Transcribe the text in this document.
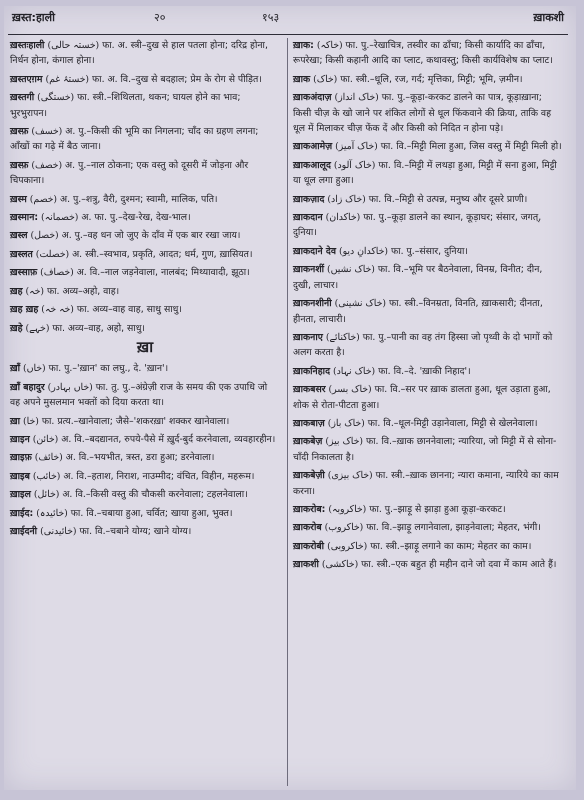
ख़स्त:हाली	२०	१५३	ख़ाकशी
ख़स्तःहाली (خستہ حالی) फा. अ. स्त्री–दुख से हाल पतला होना; दरिद्र होना, निर्धन होना, कंगाल होना।
ख़स्तएग़म (خستۂ غم) फा. अ. वि.–दुख से बदहाल; प्रेम के रोग से पीड़ित।
ख़स्तगी (خستگی) फा. स्त्री.–शिथिलता, थकन; घायल होने का भाव; भुरभुरापन।
ख़स्फ़ (خسف) अ. पु.–किसी की भूमि का निगलना; चाँद का ग्रहण लगना; आँखों का गढ़े में बैठ जाना।
ख़स्फ़ (خصف) अ. पु.–नाल ठोकना; एक वस्तु को दूसरी में जोड़ना और चिपकाना।
ख़स्म (خصم) अ. पु.–शत्रु, वैरी, दुश्मन; स्वामी, मालिक, पति।
ख़स्मान: (خصمانہ) अ. फा. पु.–देख-रेख, देख-भाल।
ख़स्ल (خصل) अ. पु.–वह धन जो जुए के दाँव में एक बार रखा जाय।
ख़स्लत (خصلت) अ. स्त्री.–स्वभाव, प्रकृति, आदत; धर्म, गुण, ख़ासियत।
ख़स्साफ़ (خصاف) अ. वि.–नाल जड़नेवाला, नालबंद; मिथ्यावादी, झूठा।
ख़ह (خہ) फा. अव्य–अहो, वाह।
ख़ह ख़ह (خہ خہ) फा. अव्य–वाह वाह, साधु साधु।
ख़हे (خہے) फा. अव्य–वाह, अहो, साधु।
ख़ा
ख़ाँ (خاں) फा. पु.–'ख़ान' का लघु., दे. 'ख़ान'।
ख़ाँ बहादुर (خاں بہادر) फा. तु. पु.–अंग्रेज़ी राज के समय की एक उपाधि जो वह अपने मुसलमान भक्तों को दिया करता था।
ख़ा (خا) फा. प्रत्य.–खानेवाला; जैसे–'शकरख़ा' शक्कर खानेवाला।
ख़ाइन (خائن) अ. वि.–बदद्यानत, रुपये-पैसे में ख़ुर्द-बुर्द करनेवाला, व्यवहारहीन।
ख़ाइफ़ (خائف) अ. वि.–भयभीत, त्रस्त, डरा हुआ; डरनेवाला।
ख़ाइब (خائب) अ. वि.–हताश, निराश, नाउम्मीद; वंचित, विहीन, महरूम।
ख़ाइल (خائل) अ. वि.–किसी वस्तु की चौकसी करनेवाला; टहलनेवाला।
ख़ाईद: (خائیدہ) फा. वि.–चबाया हुआ, चर्वित; खाया हुआ, भुक्त।
ख़ाईदनी (خائیدنی) फा. वि.–चबाने योग्य; खाने योग्य।
ख़ाक: (خاکہ) फा. पु.–रेखाचित्र, तस्वीर का ढाँचा; किसी कार्यादि का ढाँचा, रूपरेखा; किसी कहानी आदि का प्लाट, कथावस्तु; किसी कार्यविशेष का प्लाट।
ख़ाक (خاک) फा. स्त्री.–धूलि, रज, गर्द; मृत्तिका, मिट्टी; भूमि, ज़मीन।
ख़ाकअंदाज़ (خاک انداز) फा. पु.–कूड़ा-करकट डालने का पात्र, कूड़ाख़ाना; किसी चीज़ के खो जाने पर शंकित लोगों से धूल फिंकवाने की क्रिया, ताकि वह धूल में मिलाकर चीज़ फेंक दें और किसी को निदित न होना पड़े।
ख़ाकआमेज़ (خاک آمیز) फा. वि.–मिट्टी मिला हुआ, जिस वस्तु में मिट्टी मिली हो।
ख़ाकआलूद (خاک آلود) फा. वि.–मिट्टी में लथड़ा हुआ, मिट्टी में सना हुआ, मिट्टी या धूल लगा हुआ।
ख़ाकज़ाद (خاک زاد) फा. वि.–मिट्टी से उत्पन्न, मनुष्य और दूसरे प्राणी।
ख़ाकदान (خاکدان) फा. पु.–कूड़ा डालने का स्थान, कूड़ाघर; संसार, जगत्, दुनिया।
ख़ाकदाने देव (خاکدانِ دیو) फा. पु.–संसार, दुनिया।
ख़ाकनशीं (خاک نشیں) फा. वि.–भूमि पर बैठनेवाला, विनम्र, विनीत; दीन, दुखी, लाचार।
ख़ाकनशीनी (خاک نشینی) फा. स्त्री.–विनम्रता, विनति, ख़ाकसारी; दीनता, हीनता, लाचारी।
ख़ाकनाए (خاکنائے) फा. पु.–पानी का वह तंग हिस्सा जो पृथ्वी के दो भागों को अलग करता है।
ख़ाकनिहाद (خاک نہاد) फा. वि.–दे. 'ख़ाकी निहाद'।
ख़ाकबसर (خاک بسر) फा. वि.–सर पर ख़ाक डालता हुआ, धूल उड़ाता हुआ, शोक से रोता-पीटता हुआ।
ख़ाकबाज़ (خاک باز) फा. वि.–धूल-मिट्टी उड़ानेवाला, मिट्टी से खेलनेवाला।
ख़ाकबेज़ (خاک بیز) फा. वि.–ख़ाक छाननेवाला; न्यारिया, जो मिट्टी में से सोना-चाँदी निकालता है।
ख़ाकबेज़ी (خاک بیزی) फा. स्त्री.–ख़ाक छानना; न्यारा कमाना, न्यारिये का काम करना।
ख़ाकरोब: (خاکروبہ) फा. पु.–झाड़ू से झाड़ा हुआ कूड़ा-करकट।
ख़ाकरोब (خاکروب) फा. वि.–झाड़ू लगानेवाला, झाड़नेवाला; मेहतर, भंगी।
ख़ाकरोबी (خاکروبی) फा. स्त्री.–झाड़ू लगाने का काम; मेहतर का काम।
ख़ाकशी (خاکشی) फा. स्त्री.–एक बहुत ही महीन दाने जो दवा में काम आते हैं।
